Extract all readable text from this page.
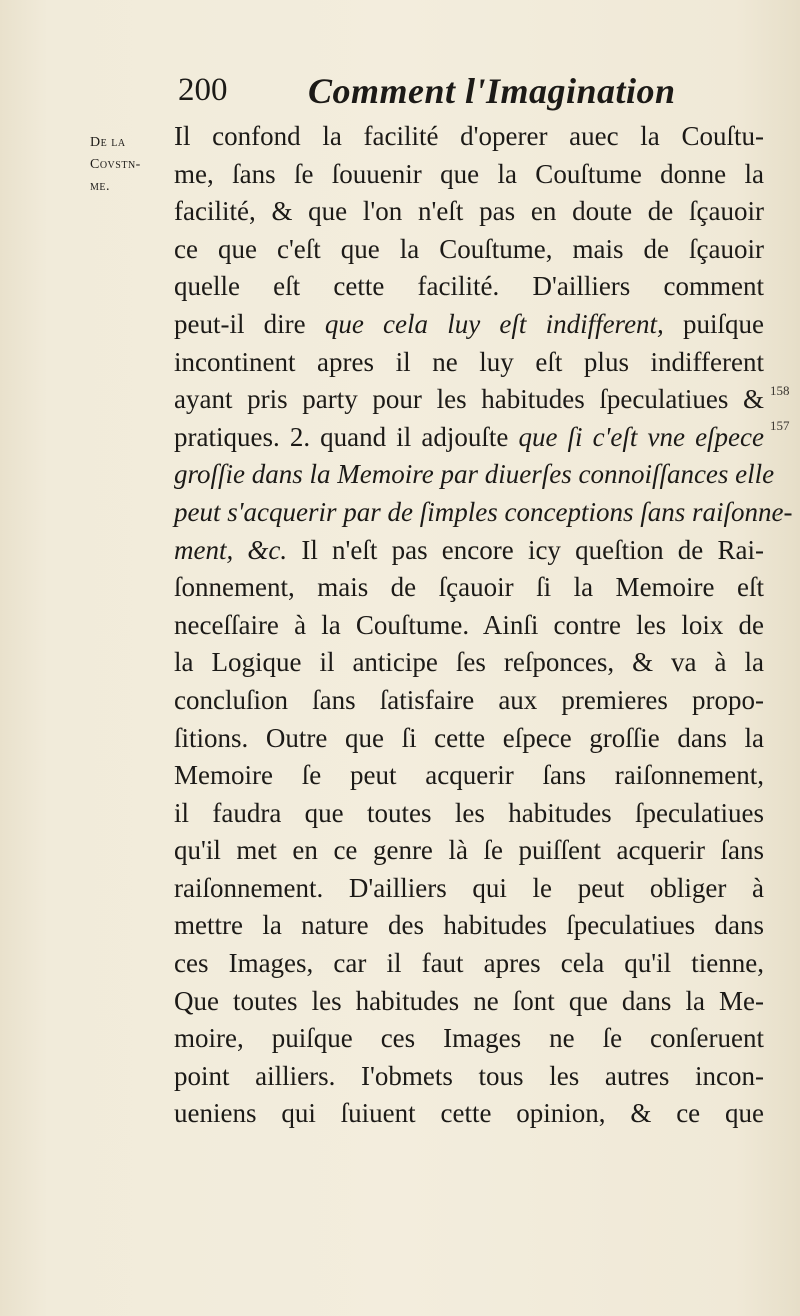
200 Comment l'Imagination
De la
Covstn-
me.
158
157
Il confond la facilité d'operer auec la Couſtu-
me, ſans ſe ſouuenir que la Couſtume donne la
facilité, & que l'on n'eſt pas en doute de ſçauoir
ce que c'eſt que la Couſtume, mais de ſçauoir
quelle eſt cette facilité. D'ailliers comment
peut-il dire que cela luy eſt indifferent, puiſque
incontinent apres il ne luy eſt plus indifferent
ayant pris party pour les habitudes ſpeculatiues &
pratiques. 2. quand il adjouſte que ſi c'eſt vne eſpece
groſſie dans la Memoire par diuerſes connoiſſances elle
peut s'acquerir par de ſimples conceptions ſans raiſonne-
ment, &c. Il n'eſt pas encore icy queſtion de Rai-
ſonnement, mais de ſçauoir ſi la Memoire eſt
neceſſaire à la Couſtume. Ainſi contre les loix de
la Logique il anticipe ſes reſponces, & va à la
concluſion ſans ſatisfaire aux premieres propo-
ſitions. Outre que ſi cette eſpece groſſie dans la
Memoire ſe peut acquerir ſans raiſonnement,
il faudra que toutes les habitudes ſpeculatiues
qu'il met en ce genre là ſe puiſſent acquerir ſans
raiſonnement. D'ailliers qui le peut obliger à
mettre la nature des habitudes ſpeculatiues dans
ces Images, car il faut apres cela qu'il tienne,
Que toutes les habitudes ne ſont que dans la Me-
moire, puiſque ces Images ne ſe conſeruent
point ailliers. I'obmets tous les autres incon-
ueniens qui ſuiuent cette opinion, & ce que
